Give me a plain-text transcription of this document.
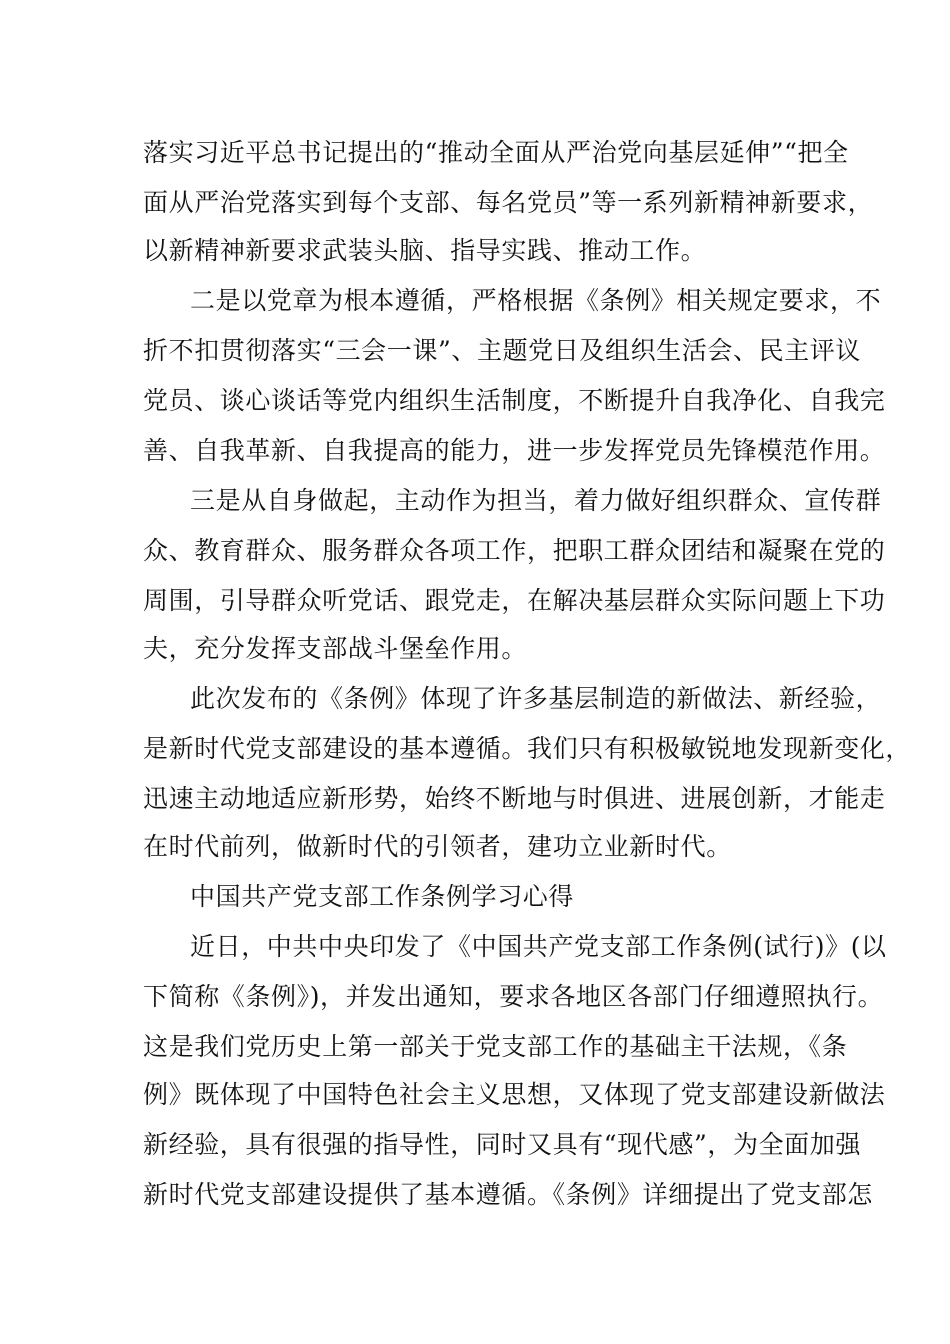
落实习近平总书记提出的“推动全面从严治党向基层延伸”“把全
面从严治党落实到每个支部、每名党员”等一系列新精神新要求，
以新精神新要求武装头脑、指导实践、推动工作。
二是以党章为根本遵循，严格根据《条例》相关规定要求，不
折不扣贯彻落实“三会一课”、主题党日及组织生活会、民主评议
党员、谈心谈话等党内组织生活制度，不断提升自我净化、自我完
善、自我革新、自我提高的能力，进一步发挥党员先锋模范作用。
三是从自身做起，主动作为担当，着力做好组织群众、宣传群
众、教育群众、服务群众各项工作，把职工群众团结和凝聚在党的
周围，引导群众听党话、跟党走，在解决基层群众实际问题上下功
夫，充分发挥支部战斗堡垒作用。
此次发布的《条例》体现了许多基层制造的新做法、新经验，
是新时代党支部建设的基本遵循。我们只有积极敏锐地发现新变化，
迅速主动地适应新形势，始终不断地与时俱进、进展创新，才能走
在时代前列，做新时代的引领者，建功立业新时代。
中国共产党支部工作条例学习心得
近日，中共中央印发了《中国共产党支部工作条例(试行)》(以
下简称《条例》)，并发出通知，要求各地区各部门仔细遵照执行。
这是我们党历史上第一部关于党支部工作的基础主干法规，《条
例》既体现了中国特色社会主义思想，又体现了党支部建设新做法
新经验，具有很强的指导性，同时又具有“现代感”，为全面加强
新时代党支部建设提供了基本遵循。《条例》详细提出了党支部怎
